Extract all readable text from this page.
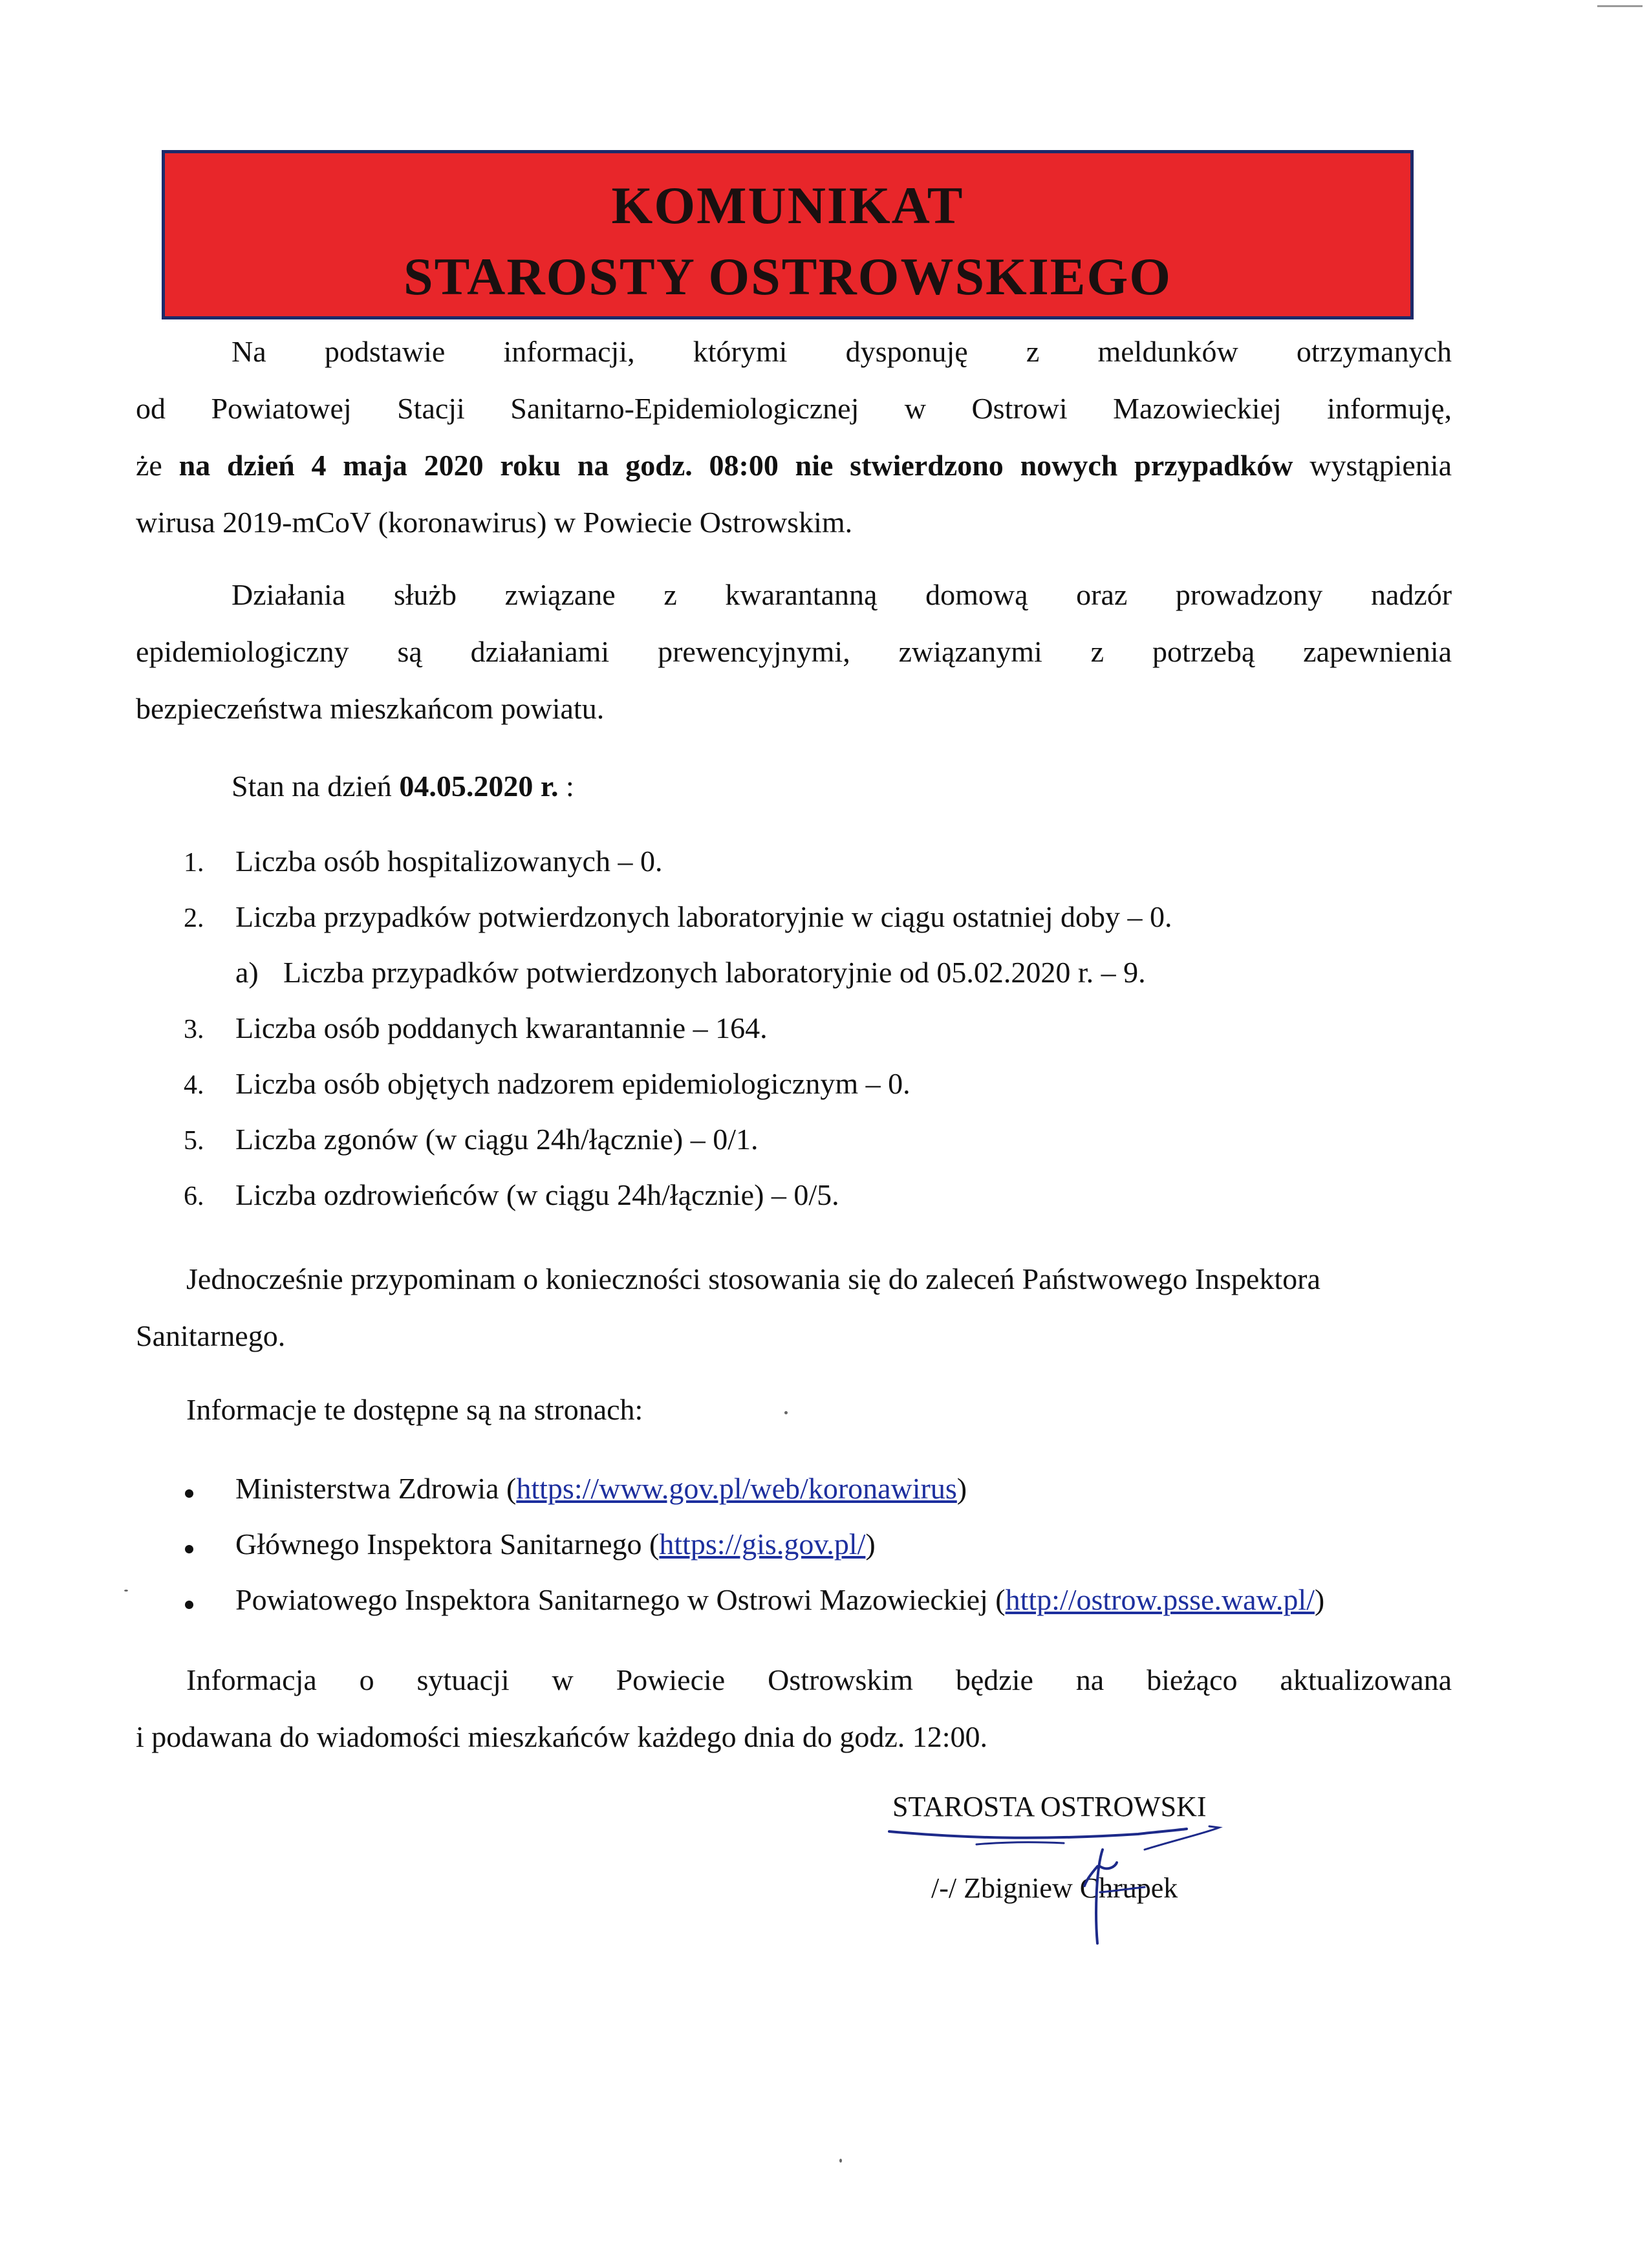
KOMUNIKAT
STAROSTY OSTROWSKIEGO
Na podstawie informacji, którymi dysponuję z meldunków otrzymanych
od Powiatowej Stacji Sanitarno-Epidemiologicznej w Ostrowi Mazowieckiej informuję,
że na dzień 4 maja 2020 roku na godz. 08:00 nie stwierdzono nowych przypadków wystąpienia
wirusa 2019-mCoV (koronawirus) w Powiecie Ostrowskim.
Działania służb związane z kwarantanną domową oraz prowadzony nadzór
epidemiologiczny są działaniami prewencyjnymi, związanymi z potrzebą zapewnienia
bezpieczeństwa mieszkańcom powiatu.
Stan na dzień 04.05.2020 r. :
1. Liczba osób hospitalizowanych – 0.
2. Liczba przypadków potwierdzonych laboratoryjnie w ciągu ostatniej doby – 0.
a) Liczba przypadków potwierdzonych laboratoryjnie od 05.02.2020 r. – 9.
3. Liczba osób poddanych kwarantannie – 164.
4. Liczba osób objętych nadzorem epidemiologicznym – 0.
5. Liczba zgonów (w ciągu 24h/łącznie) – 0/1.
6. Liczba ozdrowieńców (w ciągu 24h/łącznie) – 0/5.
Jednocześnie przypominam o konieczności stosowania się do zaleceń Państwowego Inspektora
Sanitarnego.
Informacje te dostępne są na stronach:
Ministerstwa Zdrowia (https://www.gov.pl/web/koronawirus)
Głównego Inspektora Sanitarnego (https://gis.gov.pl/)
Powiatowego Inspektora Sanitarnego w Ostrowi Mazowieckiej (http://ostrow.psse.waw.pl/)
Informacja o sytuacji w Powiecie Ostrowskim będzie na bieżąco aktualizowana
i podawana do wiadomości mieszkańców każdego dnia do godz. 12:00.
STAROSTA OSTROWSKI
/-/ Zbigniew Chrupek
